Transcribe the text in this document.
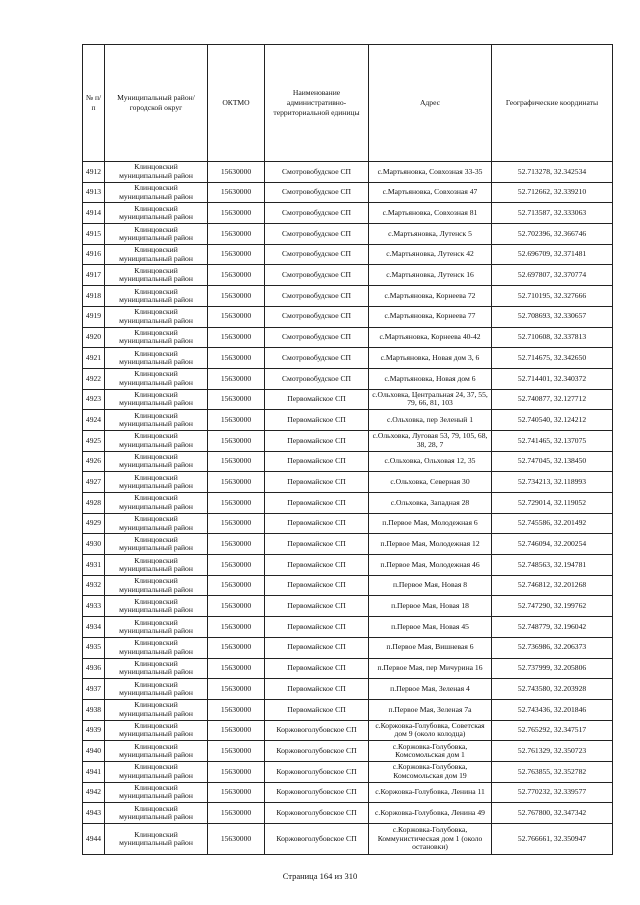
№ п/п	Муниципальный район/городской округ	ОКТМО	Наименование административно-территориальной единицы	Адрес	Географические координаты
4912	Клинцовский муниципальный район	15630000	Смотровобудское СП	с.Мартьяновка, Совхозная 33-35	52.713278, 32.342534
4913	Клинцовский муниципальный район	15630000	Смотровобудское СП	с.Мартьяновка, Совхозная 47	52.712662, 32.339210
4914	Клинцовский муниципальный район	15630000	Смотровобудское СП	с.Мартьяновка, Совхозная 81	52.713587, 32.333063
4915	Клинцовский муниципальный район	15630000	Смотровобудское СП	с.Мартьяновка, Лутенск 5	52.702396, 32.366746
4916	Клинцовский муниципальный район	15630000	Смотровобудское СП	с.Мартьяновка, Лутенск 42	52.696709, 32.371481
4917	Клинцовский муниципальный район	15630000	Смотровобудское СП	с.Мартьяновка, Лутенск 16	52.697807, 32.370774
4918	Клинцовский муниципальный район	15630000	Смотровобудское СП	с.Мартьяновка, Корнеева 72	52.710195, 32.327666
4919	Клинцовский муниципальный район	15630000	Смотровобудское СП	с.Мартьяновка, Корнеева 77	52.708693, 32.330657
4920	Клинцовский муниципальный район	15630000	Смотровобудское СП	с.Мартьяновка, Корнеева 40-42	52.710608, 32.337813
4921	Клинцовский муниципальный район	15630000	Смотровобудское СП	с.Мартьяновка, Новая дом 3, 6	52.714675, 32.342650
4922	Клинцовский муниципальный район	15630000	Смотровобудское СП	с.Мартьяновка, Новая дом 6	52.714401, 32.340372
4923	Клинцовский муниципальный район	15630000	Первомайское СП	с.Ольховка, Центральная 24, 37, 55, 79, 66, 81, 103	52.740877, 32.127712
4924	Клинцовский муниципальный район	15630000	Первомайское СП	с.Ольховка, пер Зеленый 1	52.740540, 32.124212
4925	Клинцовский муниципальный район	15630000	Первомайское СП	с.Ольховка, Луговая 53, 79, 105, 68, 38, 28, 7	52.741465, 32.137075
4926	Клинцовский муниципальный район	15630000	Первомайское СП	с.Ольховка, Ольховая 12, 35	52.747045, 32.138450
4927	Клинцовский муниципальный район	15630000	Первомайское СП	с.Ольховка, Северная 30	52.734213, 32.118993
4928	Клинцовский муниципальный район	15630000	Первомайское СП	с.Ольховка, Западная 28	52.729014, 32.119052
4929	Клинцовский муниципальный район	15630000	Первомайское СП	п.Первое Мая, Молодежная 6	52.745586, 32.201492
4930	Клинцовский муниципальный район	15630000	Первомайское СП	п.Первое Мая, Молодежная 12	52.746094, 32.200254
4931	Клинцовский муниципальный район	15630000	Первомайское СП	п.Первое Мая, Молодежная 46	52.748563, 32.194781
4932	Клинцовский муниципальный район	15630000	Первомайское СП	п.Первое Мая, Новая 8	52.746812, 32.201268
4933	Клинцовский муниципальный район	15630000	Первомайское СП	п.Первое Мая, Новая 18	52.747290, 32.199762
4934	Клинцовский муниципальный район	15630000	Первомайское СП	п.Первое Мая, Новая 45	52.748779, 32.196042
4935	Клинцовский муниципальный район	15630000	Первомайское СП	п.Первое Мая, Вишневая 6	52.736986, 32.206373
4936	Клинцовский муниципальный район	15630000	Первомайское СП	п.Первое Мая, пер Мичурина 16	52.737999, 32.205806
4937	Клинцовский муниципальный район	15630000	Первомайское СП	п.Первое Мая, Зеленая 4	52.743580, 32.203928
4938	Клинцовский муниципальный район	15630000	Первомайское СП	п.Первое Мая, Зеленая 7а	52.743436, 32.201846
4939	Клинцовский муниципальный район	15630000	Коржовоголубовское СП	с.Коржовка-Голубовка, Советская дом 9 (около колодца)	52.765292, 32.347517
4940	Клинцовский муниципальный район	15630000	Коржовоголубовское СП	с.Коржовка-Голубовка, Комсомольская дом 1	52.761329, 32.350723
4941	Клинцовский муниципальный район	15630000	Коржовоголубовское СП	с.Коржовка-Голубовка, Комсомольская дом 19	52.763855, 32.352782
4942	Клинцовский муниципальный район	15630000	Коржовоголубовское СП	с.Коржовка-Голубовка, Ленина 11	52.770232, 32.339577
4943	Клинцовский муниципальный район	15630000	Коржовоголубовское СП	с.Коржовка-Голубовка, Ленина 49	52.767800, 32.347342
4944	Клинцовский муниципальный район	15630000	Коржовоголубовское СП	с.Коржовка-Голубовка, Коммунистическая дом 1 (около остановки)	52.766661, 32.350947
Страница 164 из 310
